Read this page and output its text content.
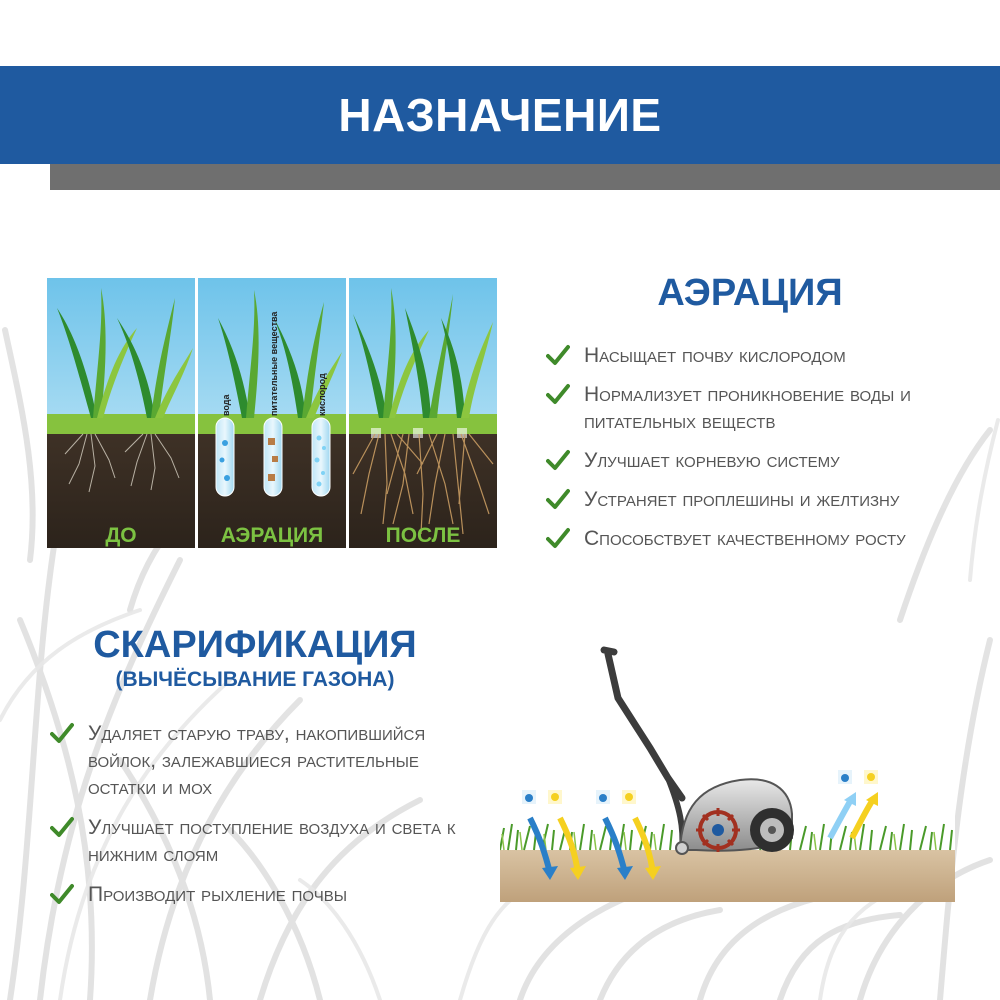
НАЗНАЧЕНИЕ
вода	питательные вещества	кислород
ДО	АЭРАЦИЯ	ПОСЛЕ
АЭРАЦИЯ
Насыщает почву кислородом
Нормализует проникновение воды и питательных веществ
Улучшает корневую систему
Устраняет проплешины и желтизну
Способствует качественному росту
СКАРИФИКАЦИЯ
(ВЫЧЁСЫВАНИЕ ГАЗОНА)
Удаляет старую траву, накопившийся войлок, залежавшиеся растительные остатки и мох
Улучшает поступление воздуха и света к нижним слоям
Производит рыхление почвы
